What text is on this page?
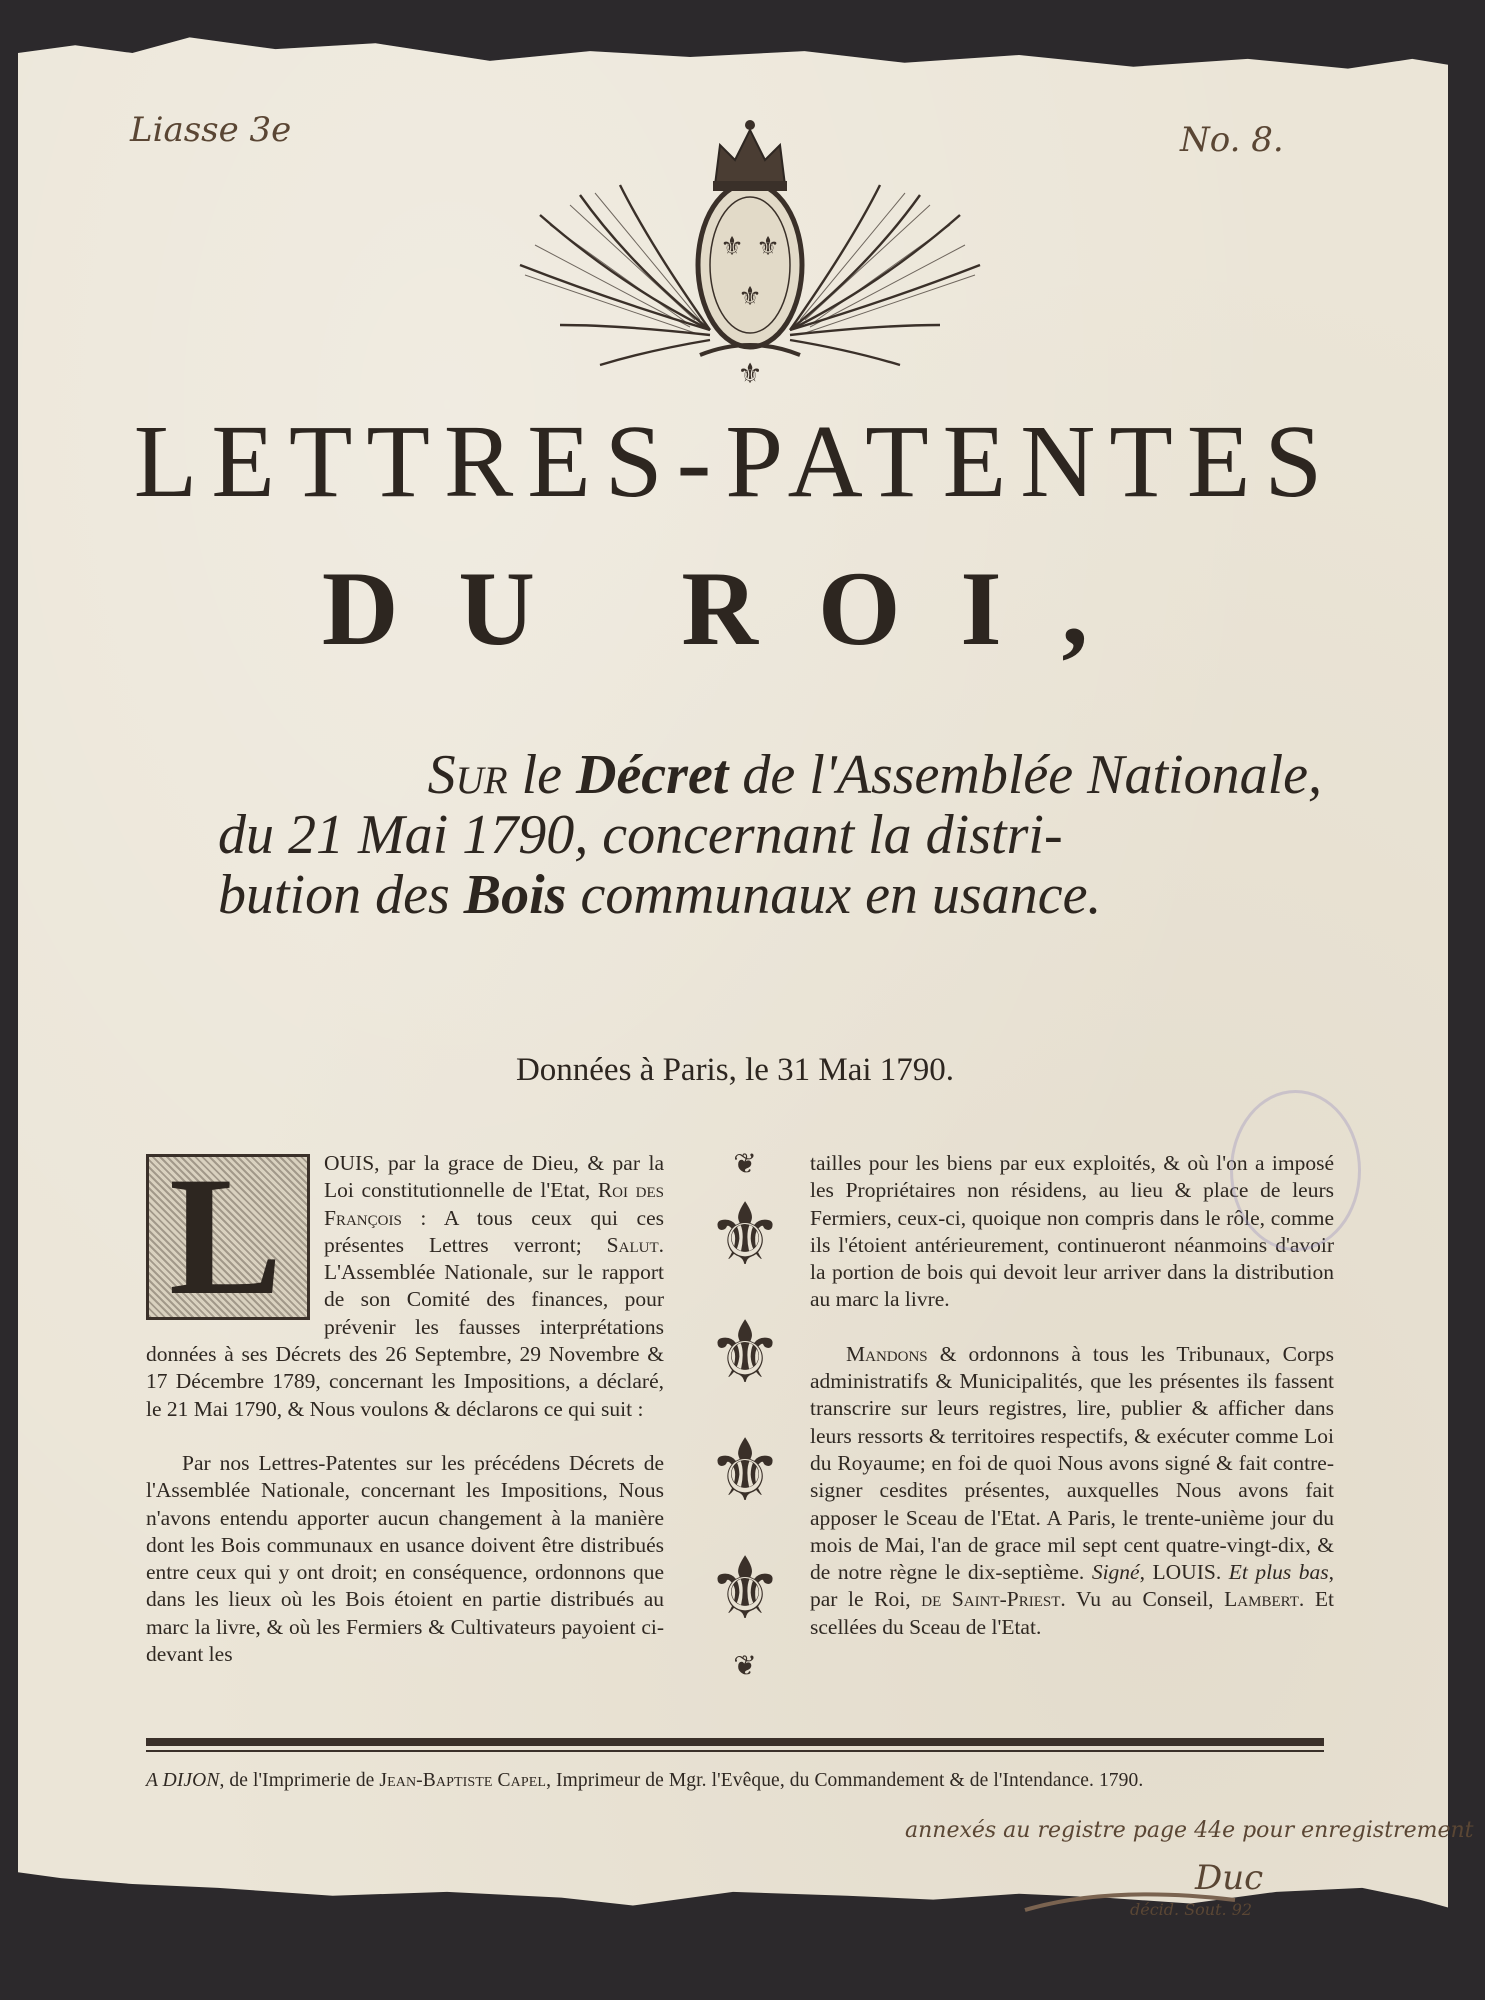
Liasse 3e	No. 8.
⚜ ⚜
⚜
⚜
LETTRES-PATENTES
DU ROI,
Sur le Décret de l'Assemblée Nationale,
du 21 Mai 1790, concernant la distri-
bution des Bois communaux en usance.
Données à Paris, le 31 Mai 1790.
L	OUIS, par la grace de Dieu, & par la Loi constitutionnelle de l'Etat, Roi des François : A tous ceux qui ces présentes Lettres verront; Salut. L'Assemblée Nationale, sur le rapport de son Comité des finances, pour prévenir les fausses interprétations données à ses Décrets des 26 Septembre, 29 Novembre & 17 Décembre 1789, concernant les Impositions, a déclaré, le 21 Mai 1790, & Nous voulons & déclarons ce qui suit :

Par nos Lettres-Patentes sur les précédens Décrets de l'Assemblée Nationale, concernant les Impositions, Nous n'avons entendu apporter aucun changement à la manière dont les Bois communaux en usance doivent être distribués entre ceux qui y ont droit; en conséquence, ordonnons que dans les lieux où les Bois étoient en partie distribués au marc la livre, & où les Fermiers & Cultivateurs payoient ci-devant les

❦
⚜
⚜
⚜
⚜
❦

tailles pour les biens par eux exploités, & où l'on a imposé les Propriétaires non résidens, au lieu & place de leurs Fermiers, ceux-ci, quoique non compris dans le rôle, comme ils l'étoient antérieurement, continueront néanmoins d'avoir la portion de bois qui devoit leur arriver dans la distribution au marc la livre.

Mandons & ordonnons à tous les Tribunaux, Corps administratifs & Municipalités, que les présentes ils fassent transcrire sur leurs registres, lire, publier & afficher dans leurs ressorts & territoires respectifs, & exécuter comme Loi du Royaume; en foi de quoi Nous avons signé & fait contre-signer cesdites présentes, auxquelles Nous avons fait apposer le Sceau de l'Etat. A Paris, le trente-unième jour du mois de Mai, l'an de grace mil sept cent quatre-vingt-dix, & de notre règne le dix-septième. Signé, LOUIS. Et plus bas, par le Roi, de Saint-Priest. Vu au Conseil, Lambert. Et scellées du Sceau de l'Etat.

A DIJON, de l'Imprimerie de Jean-Baptiste Capel, Imprimeur de Mgr. l'Evêque, du Commandement & de l'Intendance. 1790.
annexés au registre page 44e pour enregistrement
Duc
décid. Sout. 92
